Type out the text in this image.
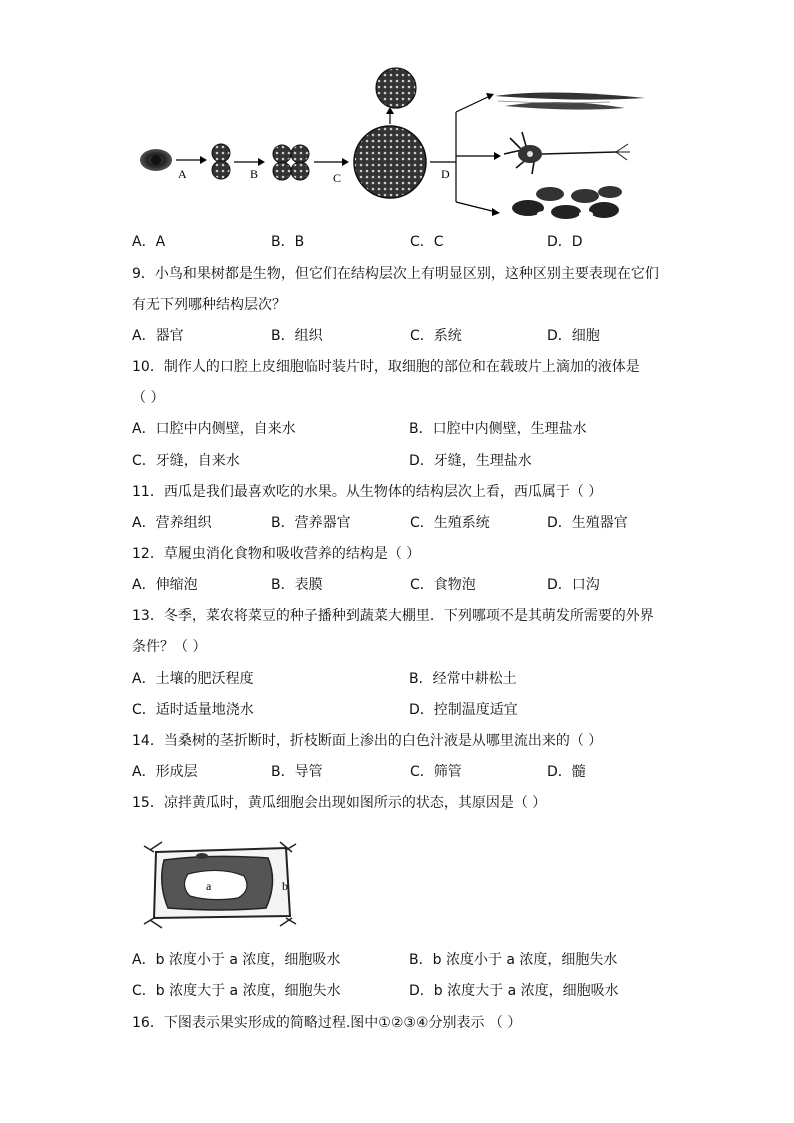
A	B	C	D
A．A	B．B	C．C	D．D
9．小鸟和果树都是生物，但它们在结构层次上有明显区别，这种区别主要表现在它们
有无下列哪种结构层次？
A．器官	B．组织	C．系统	D．细胞
10．制作人的口腔上皮细胞临时装片时，取细胞的部位和在载玻片上滴加的液体是
（ ）
A．口腔中内侧壁，自来水	B．口腔中内侧壁，生理盐水
C．牙缝，自来水	D．牙缝，生理盐水
11．西瓜是我们最喜欢吃的水果。从生物体的结构层次上看，西瓜属于（ ）
A．营养组织	B．营养器官	C．生殖系统	D．生殖器官
12．草履虫消化食物和吸收营养的结构是（ ）
A．伸缩泡	B．表膜	C．食物泡	D．口沟
13．冬季，菜农将菜豆的种子播种到蔬菜大棚里．下列哪项不是其萌发所需要的外界
条件？（ ）
A．土壤的肥沃程度	B．经常中耕松土
C．适时适量地浇水	D．控制温度适宜
14．当桑树的茎折断时，折枝断面上渗出的白色汁液是从哪里流出来的（ ）
A．形成层	B．导管	C．筛管	D．髓
15．凉拌黄瓜时，黄瓜细胞会出现如图所示的状态，其原因是（ ）
a	b
A．b 浓度小于 a 浓度，细胞吸水	B．b 浓度小于 a 浓度，细胞失水
C．b 浓度大于 a 浓度，细胞失水	D．b 浓度大于 a 浓度，细胞吸水
16．下图表示果实形成的简略过程.图中①②③④分别表示 （ ）
